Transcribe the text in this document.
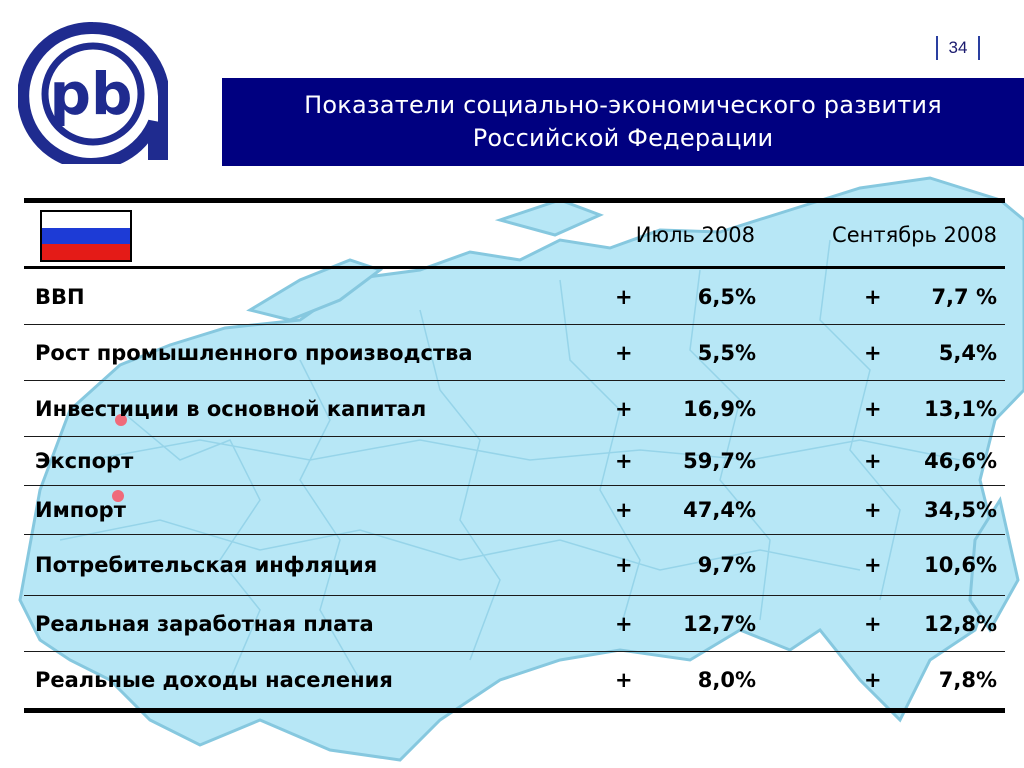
pb
34
Показатели социально-экономического развития Российской Федерации
Июль 2008	Сентябрь 2008
ВВП	+	6,5%	+ 7,7 %
Рост промышленного производства	+	5,5%	+	5,4%
Инвестиции в основной капитал	+ 16,9%	+ 13,1%
Экспорт	+ 59,7%	+ 46,6%
Импорт	+ 47,4%	+ 34,5%
Потребительская инфляция	+	9,7%	+ 10,6%
Реальная заработная плата	+ 12,7%	+ 12,8%
Реальные доходы населения	+	8,0%	+	7,8%
